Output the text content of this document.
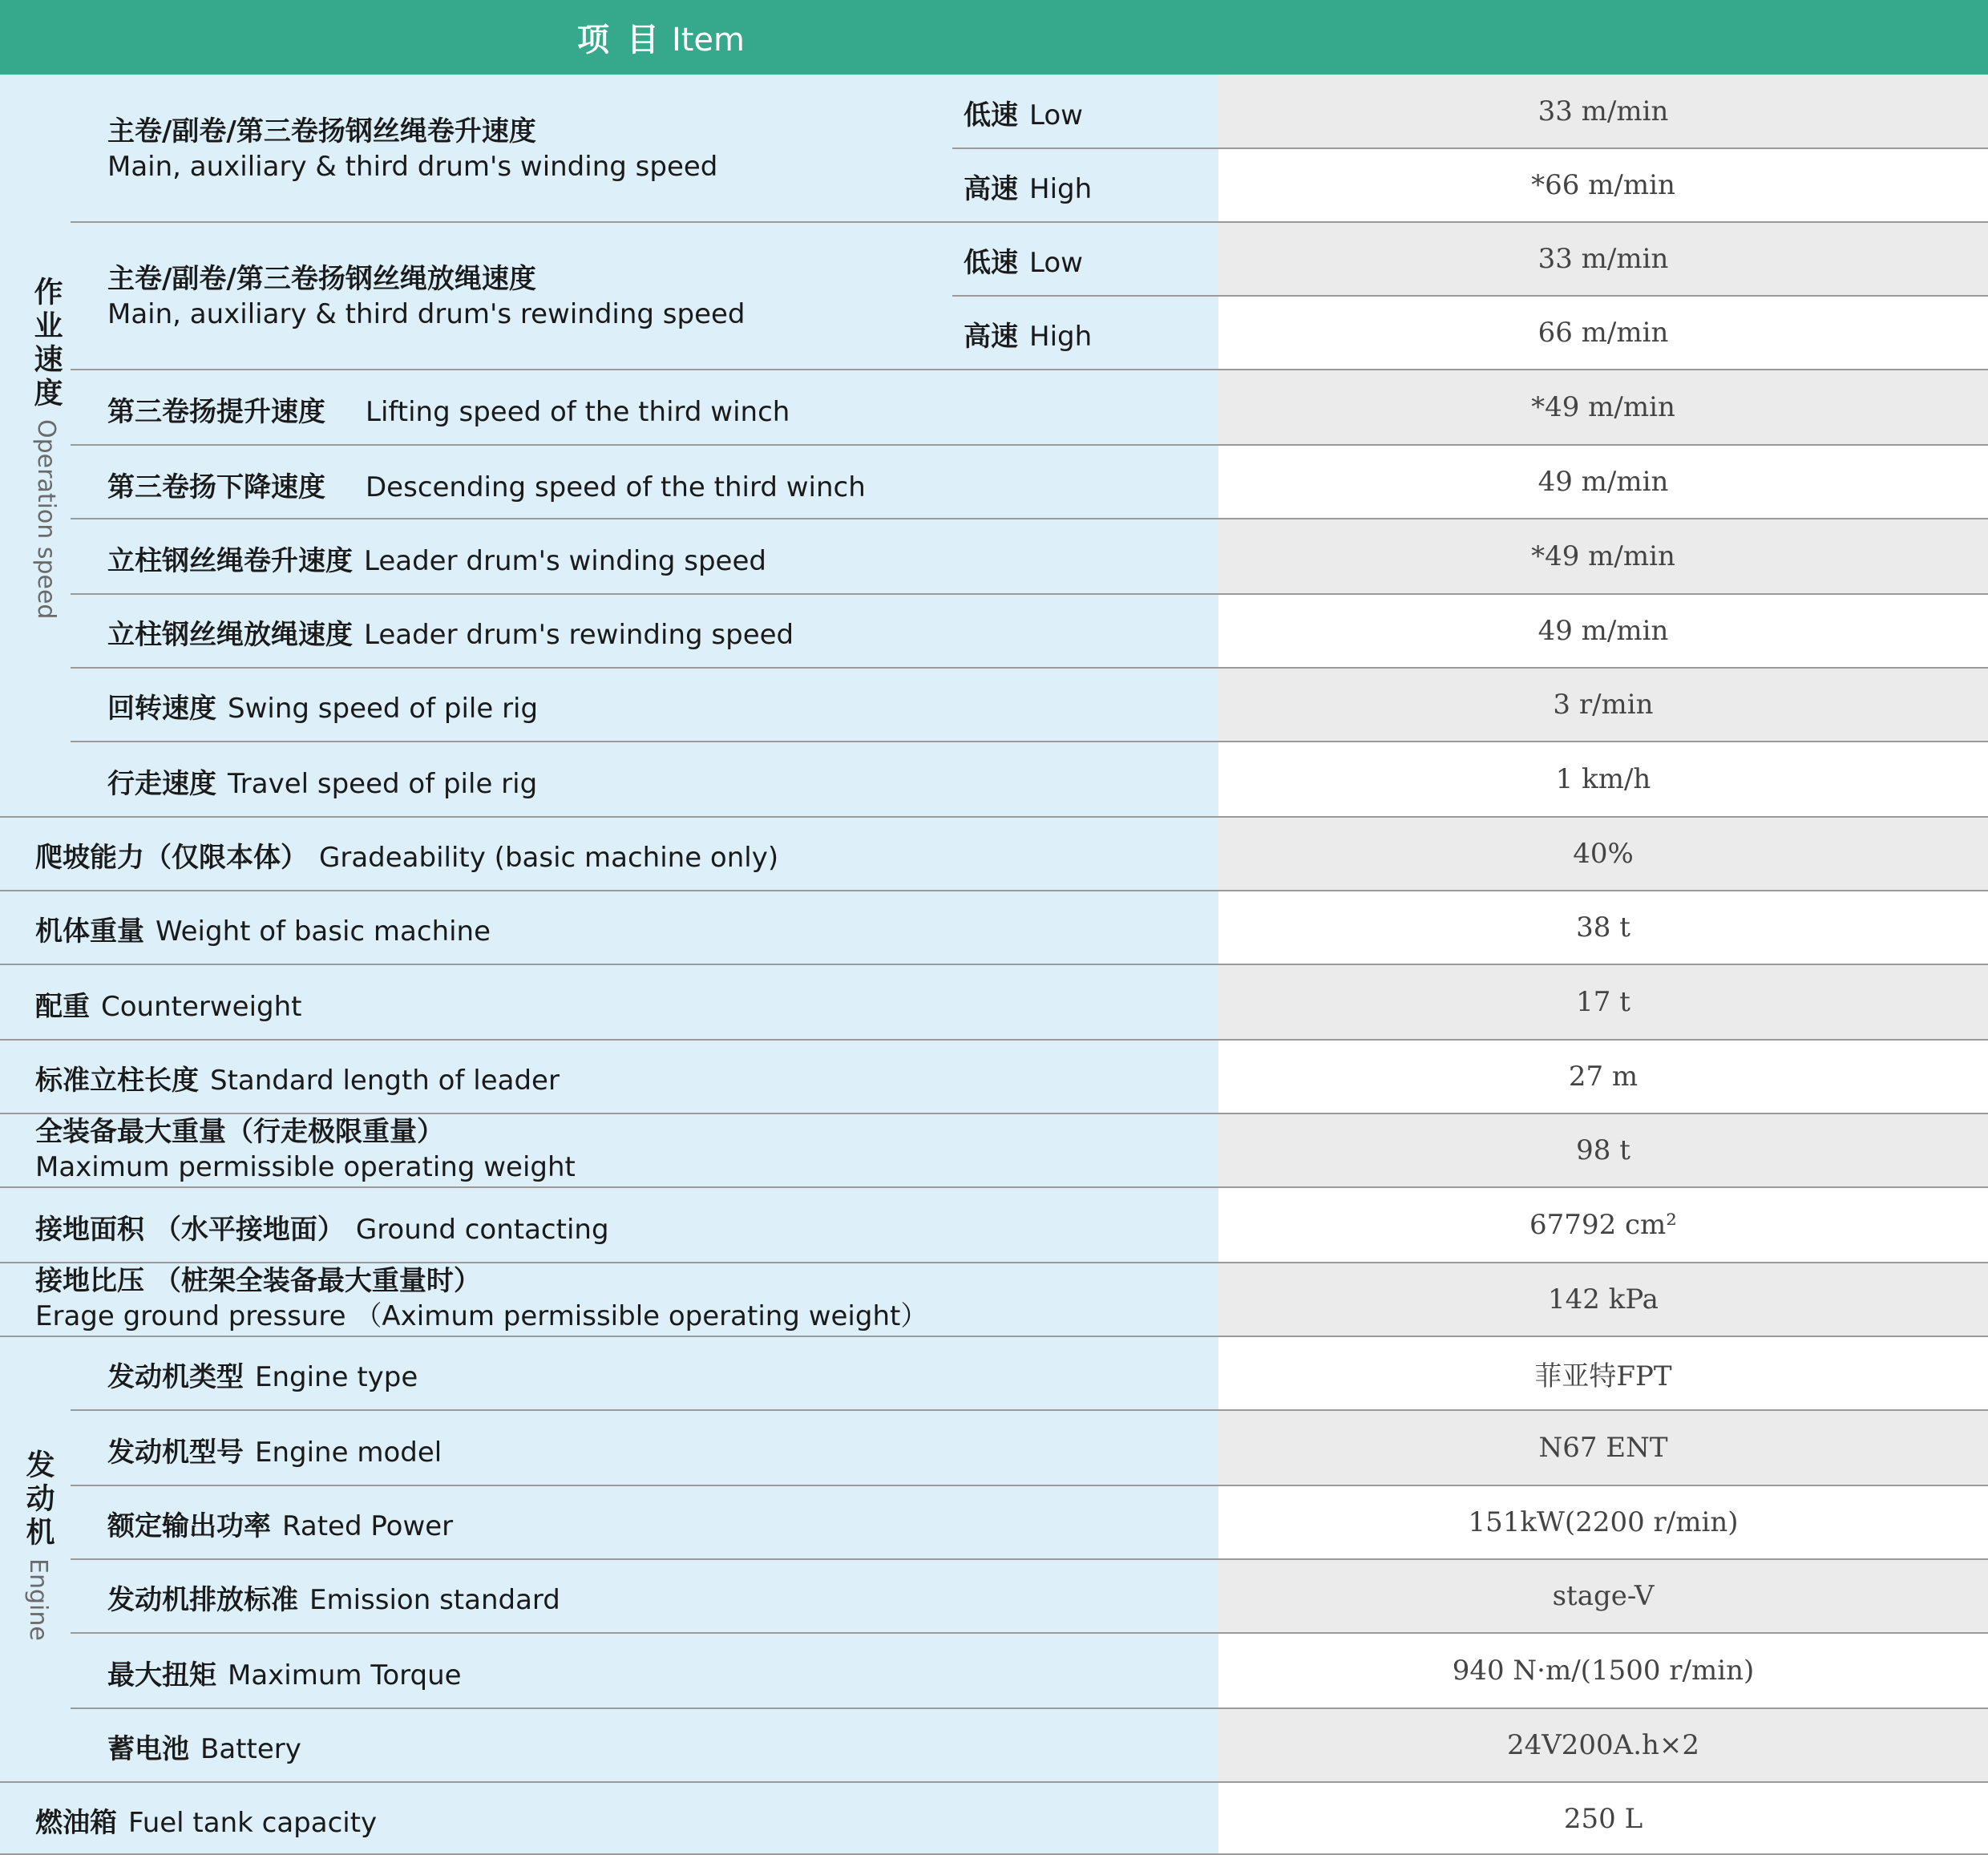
项 目 Item
33 m/min
*66 m/min
33 m/min
66 m/min
*49 m/min
49 m/min
*49 m/min
49 m/min
3 r/min
1 km/h
40%
38 t
17 t
27 m
98 t
67792 cm²
142 kPa
菲亚特FPT
N67 ENT
151kW(2200 r/min)
stage-V
940 N·m/(1500 r/min)
24V200A.h×2
250 L
作业速度
Operation speed
发动机
Engine
主卷/副卷/第三卷扬钢丝绳卷升速度
Main, auxiliary & third drum's winding speed
低速 Low
高速 High
主卷/副卷/第三卷扬钢丝绳放绳速度
Main, auxiliary & third drum's rewinding speed
低速 Low
高速 High
第三卷扬提升速度 Lifting speed of the third winch
第三卷扬下降速度 Descending speed of the third winch
立柱钢丝绳卷升速度 Leader drum's winding speed
立柱钢丝绳放绳速度 Leader drum's rewinding speed
回转速度 Swing speed of pile rig
行走速度 Travel speed of pile rig
爬坡能力（仅限本体） Gradeability (basic machine only)
机体重量 Weight of basic machine
配重 Counterweight
标准立柱长度 Standard length of leader
全装备最大重量（行走极限重量）
Maximum permissible operating weight
接地面积 （水平接地面） Ground contacting
接地比压 （桩架全装备最大重量时）
Erage ground pressure （Aximum permissible operating weight）
发动机类型 Engine type
发动机型号 Engine model
额定输出功率 Rated Power
发动机排放标准 Emission standard
最大扭矩 Maximum Torque
蓄电池 Battery
燃油箱 Fuel tank capacity
